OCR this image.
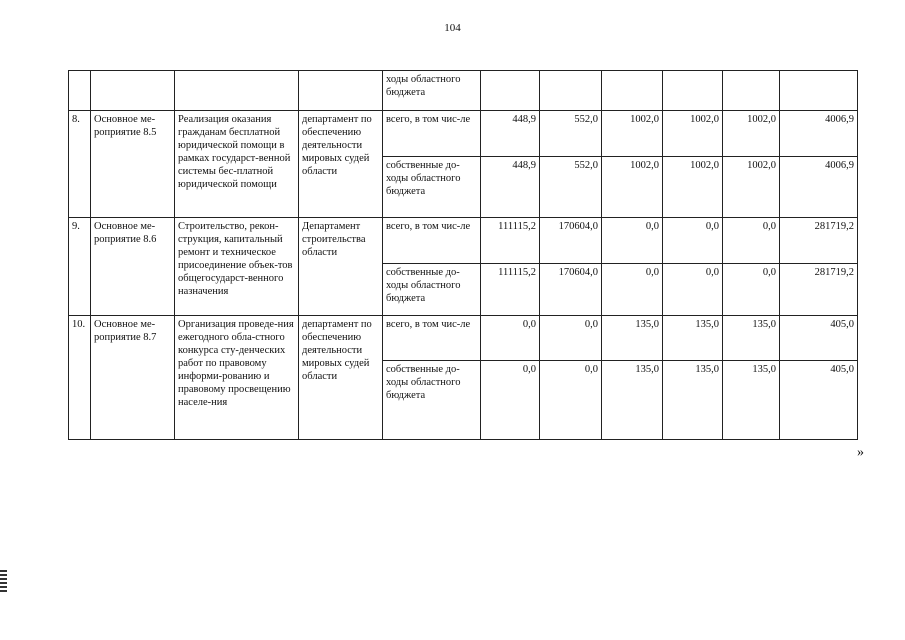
104
				ходы областного бюджета						
8.	Основное ме-роприятие 8.5	Реализация оказания гражданам бесплатной юридической помощи в рамках государст-венной системы бес-платной юридической помощи	департамент по обеспечению деятельности мировых судей области	всего, в том чис-ле	448,9	552,0	1002,0	1002,0	1002,0	4006,9
				собственные до-ходы областного бюджета	448,9	552,0	1002,0	1002,0	1002,0	4006,9
9.	Основное ме-роприятие 8.6	Строительство, рекон-струкция, капитальный ремонт и техническое присоединение объек-тов общегосударст-венного назначения	Департамент строительства области	всего, в том чис-ле	111115,2	170604,0	0,0	0,0	0,0	281719,2
				собственные до-ходы областного бюджета	111115,2	170604,0	0,0	0,0	0,0	281719,2
10.	Основное ме-роприятие 8.7	Организация проведе-ния ежегодного обла-стного конкурса сту-денческих работ по правовому информи-рованию и правовому просвещению населе-ния	департамент по обеспечению деятельности мировых судей области	всего, в том чис-ле	0,0	0,0	135,0	135,0	135,0	405,0
				собственные до-ходы областного бюджета	0,0	0,0	135,0	135,0	135,0	405,0
»
